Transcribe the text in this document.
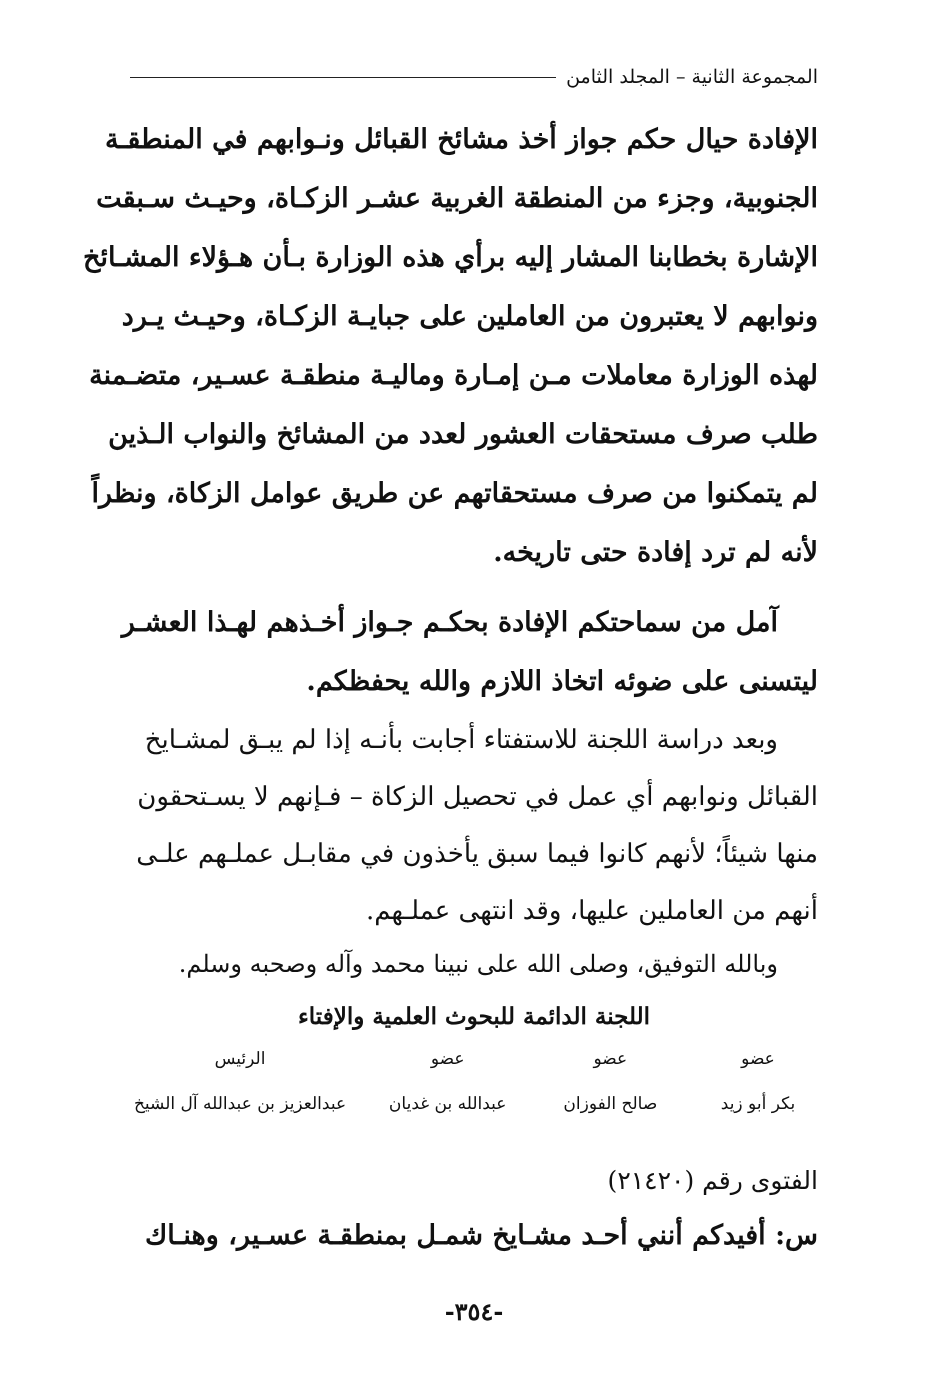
المجموعة الثانية – المجلد الثامن

الإفادة حيال حكم جواز أخذ مشائخ القبائل ونـوابهم في المنطقـة
الجنوبية، وجزء من المنطقة الغربية عشـر الزكـاة، وحيـث سـبقت
الإشارة بخطابنا المشار إليه برأي هذه الوزارة بـأن هـؤلاء المشـائخ
ونوابهم لا يعتبرون من العاملين على جبايـة الزكـاة، وحيـث يـرد
لهذه الوزارة معاملات مـن إمـارة وماليـة منطقـة عسـير، متضـمنة
طلب صرف مستحقات العشور لعدد من المشائخ والنواب الـذين
لم يتمكنوا من صرف مستحقاتهم عن طريق عوامل الزكاة، ونظراً
لأنه لم ترد إفادة حتى تاريخه.

آمل من سماحتكم الإفادة بحكـم جـواز أخـذهم لهـذا العشـر
ليتسنى على ضوئه اتخاذ اللازم والله يحفظكم.

وبعد دراسة اللجنة للاستفتاء أجابت بأنـه إذا لم يبـق لمشـايخ
القبائل ونوابهم أي عمل في تحصيل الزكاة – فـإنهم لا يسـتحقون
منها شيئاً؛ لأنهم كانوا فيما سبق يأخذون في مقابـل عملـهم علـى
أنهم من العاملين عليها، وقد انتهى عملـهم.

وبالله التوفيق، وصلى الله على نبينا محمد وآله وصحبه وسلم.
اللجنة الدائمة للبحوث العلمية والإفتاء
عضو
عضو
عضو
الرئيس
بكر أبو زيد
صالح الفوزان
عبدالله بن غديان
عبدالعزيز بن عبدالله آل الشيخ
الفتوى رقم (٢١٤٢٠)
س: أفيدكم أنني أحـد مشـايخ شمـل بمنطقـة عسـير، وهنـاك
-٣٥٤-
